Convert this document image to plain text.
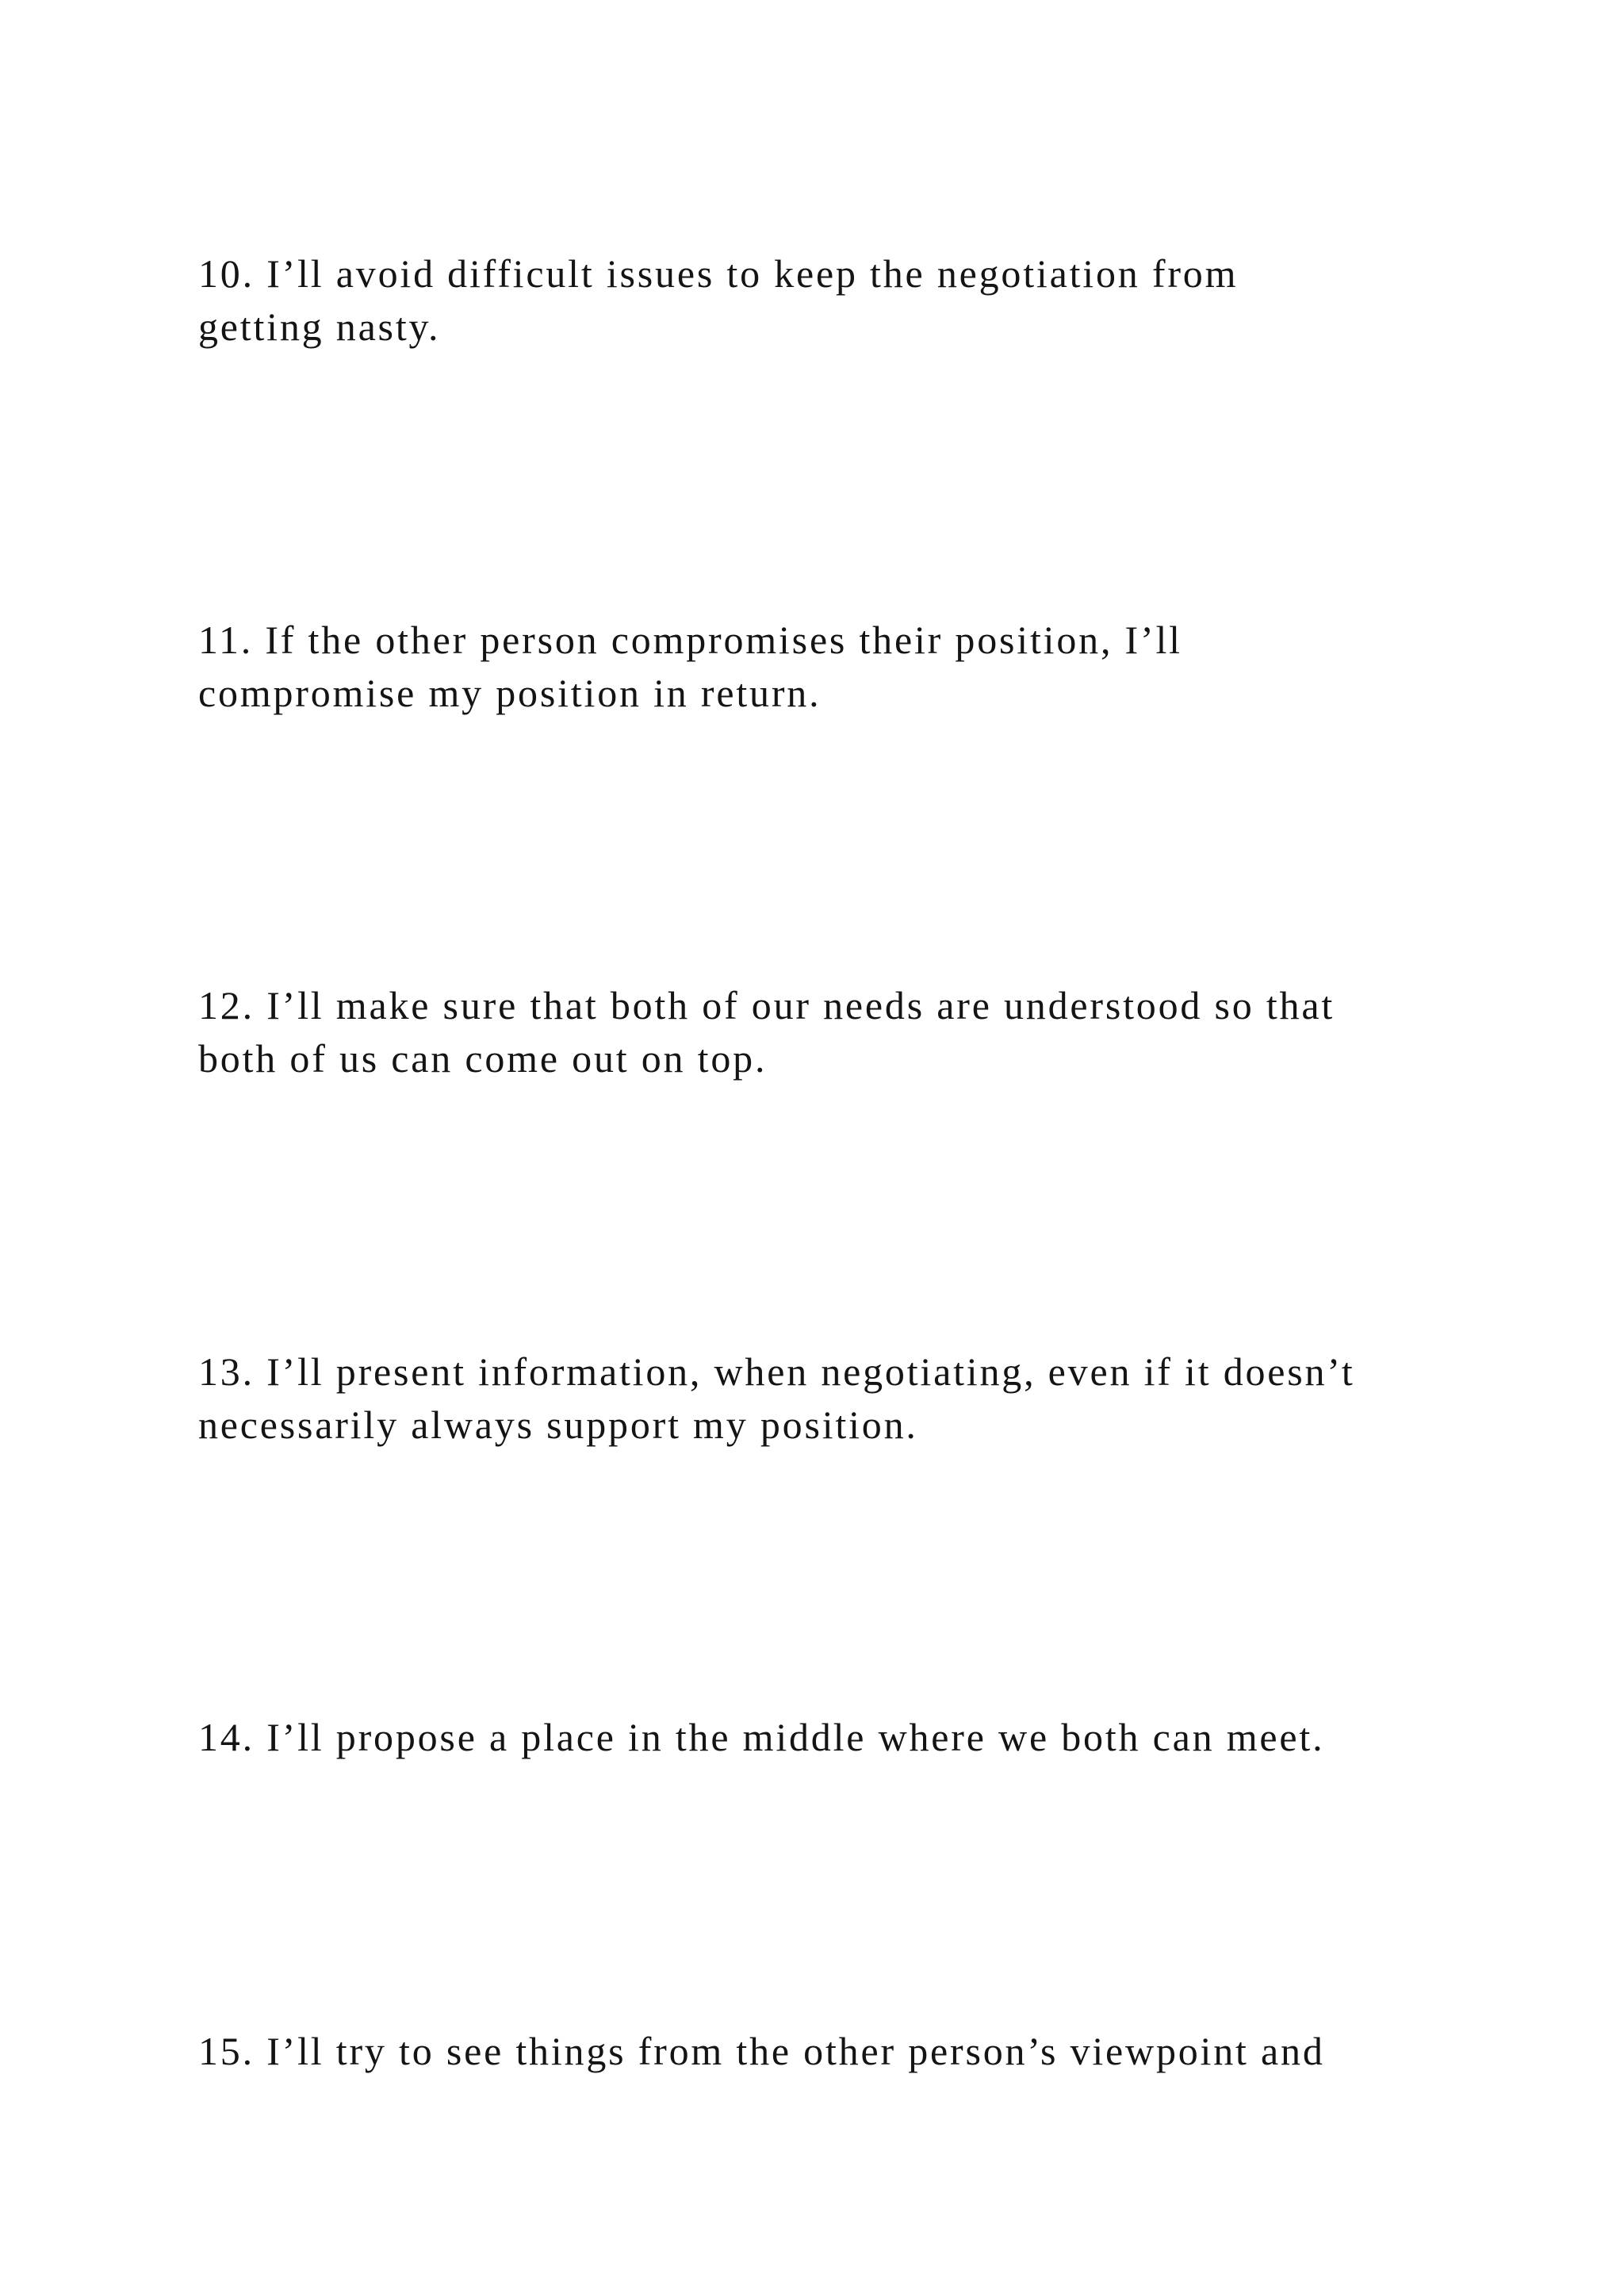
10. I’ll avoid difficult issues to keep the negotiation from
getting nasty.

11. If the other person compromises their position, I’ll
compromise my position in return.

12. I’ll make sure that both of our needs are understood so that
both of us can come out on top.

13. I’ll present information, when negotiating, even if it doesn’t
necessarily always support my position.

14. I’ll propose a place in the middle where we both can meet.

15. I’ll try to see things from the other person’s viewpoint and
